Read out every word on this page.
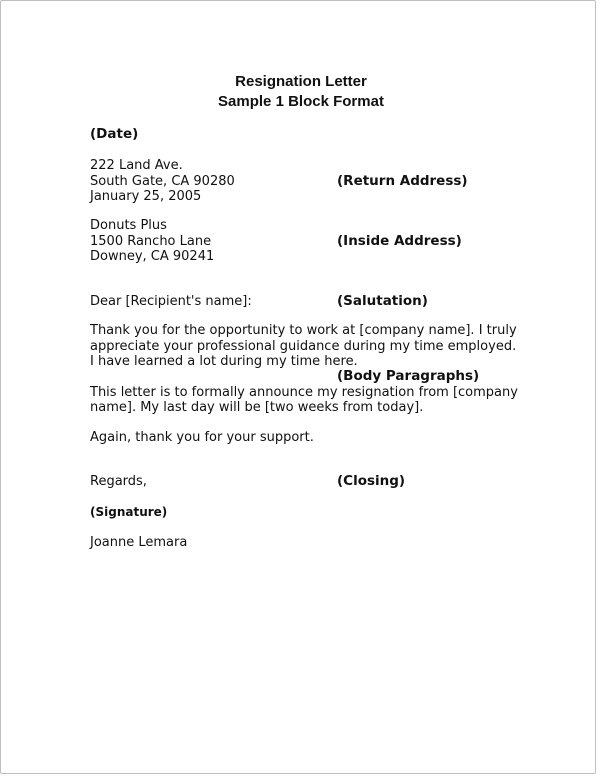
Resignation Letter
Sample 1 Block Format
(Date)
222 Land Ave.
South Gate, CA 90280
January 25, 2005
(Return Address)
Donuts Plus
1500 Rancho Lane
Downey, CA 90241
(Inside Address)
Dear [Recipient's name]:	(Salutation)
Thank you for the opportunity to work at [company name]. I truly
appreciate your professional guidance during my time employed.
I have learned a lot during my time here.
(Body Paragraphs)
This letter is to formally announce my resignation from [company
name]. My last day will be [two weeks from today].
Again, thank you for your support.
Regards,	(Closing)
(Signature)
Joanne Lemara
